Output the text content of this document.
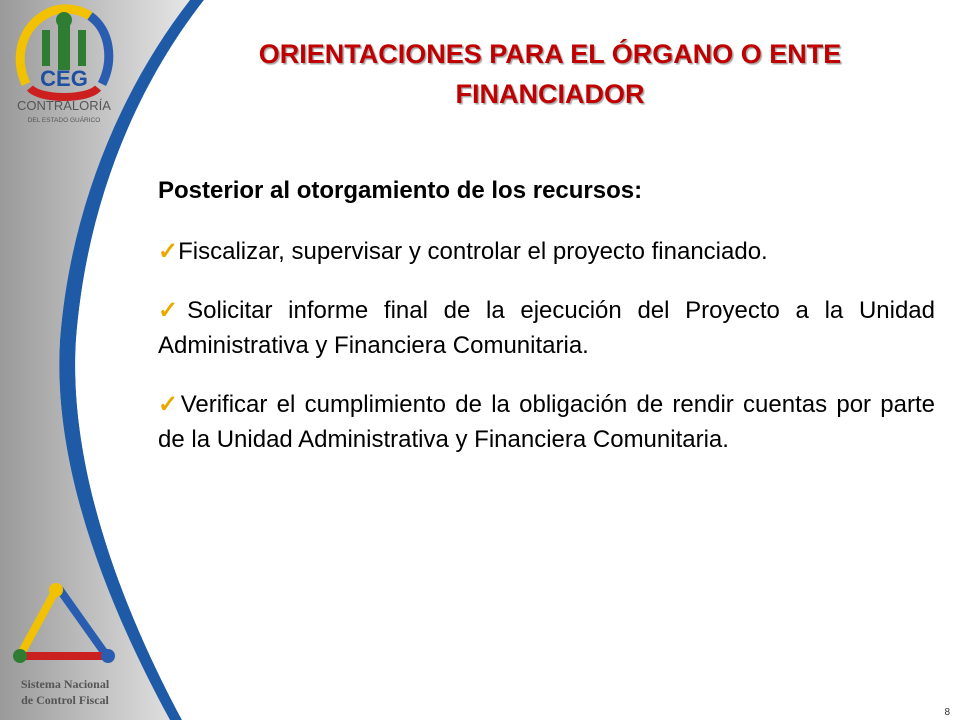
CEG
CONTRALORÍA
DEL ESTADO GUÁRICO
ORIENTACIONES PARA EL ÓRGANO O ENTE
FINANCIADOR

Posterior al otorgamiento de los recursos:

✓Fiscalizar, supervisar y controlar el proyecto financiado.

✓Solicitar informe final de la ejecución del Proyecto a la Unidad Administrativa y Financiera Comunitaria.

✓Verificar el cumplimiento de la obligación de rendir cuentas por parte de la Unidad Administrativa y Financiera Comunitaria.

Sistema Nacional
de Control Fiscal
8
